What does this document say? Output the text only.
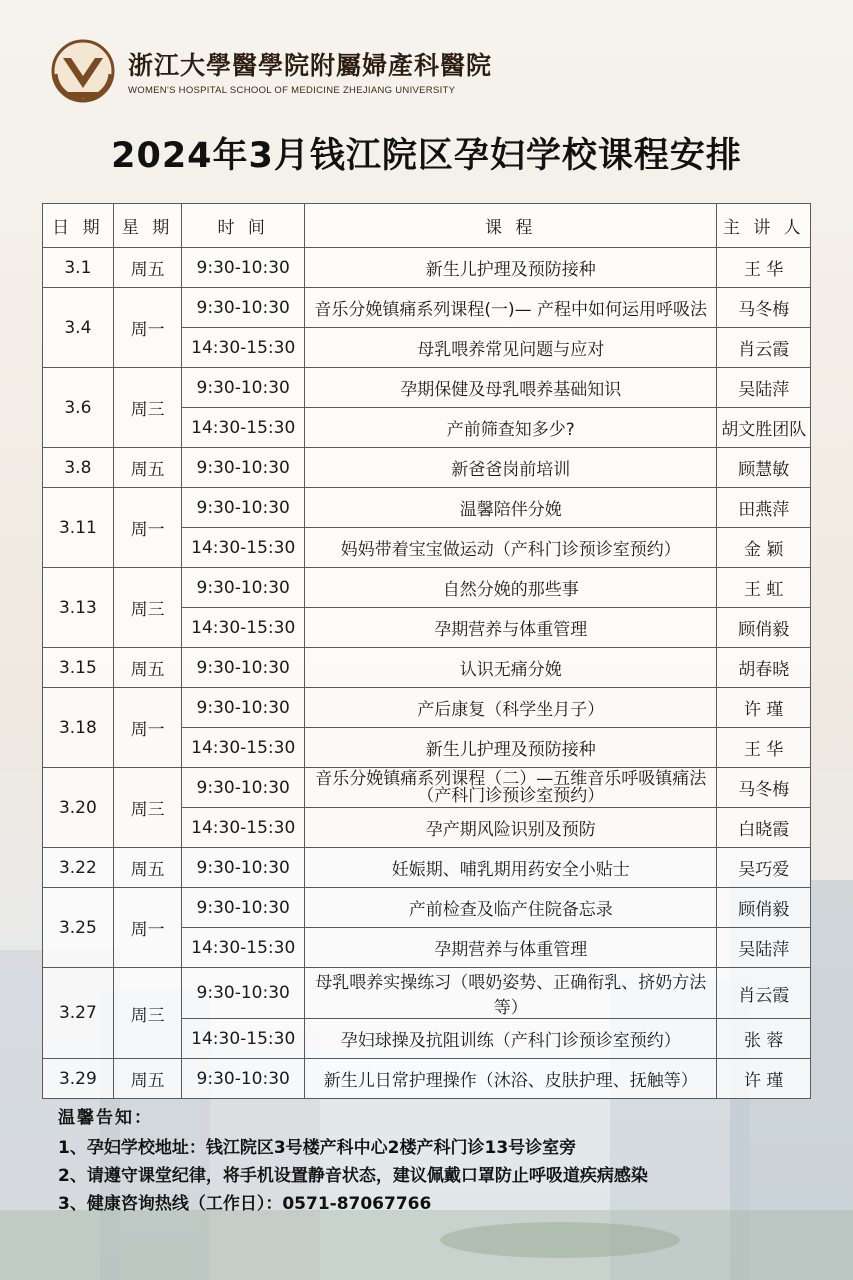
浙江大學醫學院附屬婦產科醫院
WOMEN'S HOSPITAL SCHOOL OF MEDICINE ZHEJIANG UNIVERSITY
2024年3月钱江院区孕妇学校课程安排
日 期	星 期	时 间	课 程	主 讲 人
3.1	周五	9:30-10:30	新生儿护理及预防接种	王 华
3.4	周一	9:30-10:30	音乐分娩镇痛系列课程(一)— 产程中如何运用呼吸法	马冬梅
		14:30-15:30	母乳喂养常见问题与应对	肖云霞
3.6	周三	9:30-10:30	孕期保健及母乳喂养基础知识	吴陆萍
		14:30-15:30	产前筛查知多少?	胡文胜团队
3.8	周五	9:30-10:30	新爸爸岗前培训	顾慧敏
3.11	周一	9:30-10:30	温馨陪伴分娩	田燕萍
		14:30-15:30	妈妈带着宝宝做运动（产科门诊预诊室预约）	金 颖
3.13	周三	9:30-10:30	自然分娩的那些事	王 虹
		14:30-15:30	孕期营养与体重管理	顾俏毅
3.15	周五	9:30-10:30	认识无痛分娩	胡春晓
3.18	周一	9:30-10:30	产后康复（科学坐月子）	许 瑾
		14:30-15:30	新生儿护理及预防接种	王 华
3.20	周三	9:30-10:30	音乐分娩镇痛系列课程（二）—五维音乐呼吸镇痛法
（产科门诊预诊室预约）	马冬梅
		14:30-15:30	孕产期风险识别及预防	白晓霞
3.22	周五	9:30-10:30	妊娠期、哺乳期用药安全小贴士	吴巧爱
3.25	周一	9:30-10:30	产前检查及临产住院备忘录	顾俏毅
		14:30-15:30	孕期营养与体重管理	吴陆萍
3.27	周三	9:30-10:30	母乳喂养实操练习（喂奶姿势、正确衔乳、挤奶方法等）	肖云霞
		14:30-15:30	孕妇球操及抗阻训练（产科门诊预诊室预约）	张 蓉
3.29	周五	9:30-10:30	新生儿日常护理操作（沐浴、皮肤护理、抚触等）	许 瑾
温馨告知：
1、孕妇学校地址：钱江院区3号楼产科中心2楼产科门诊13号诊室旁
2、请遵守课堂纪律，将手机设置静音状态，建议佩戴口罩防止呼吸道疾病感染
3、健康咨询热线（工作日）：0571-87067766
